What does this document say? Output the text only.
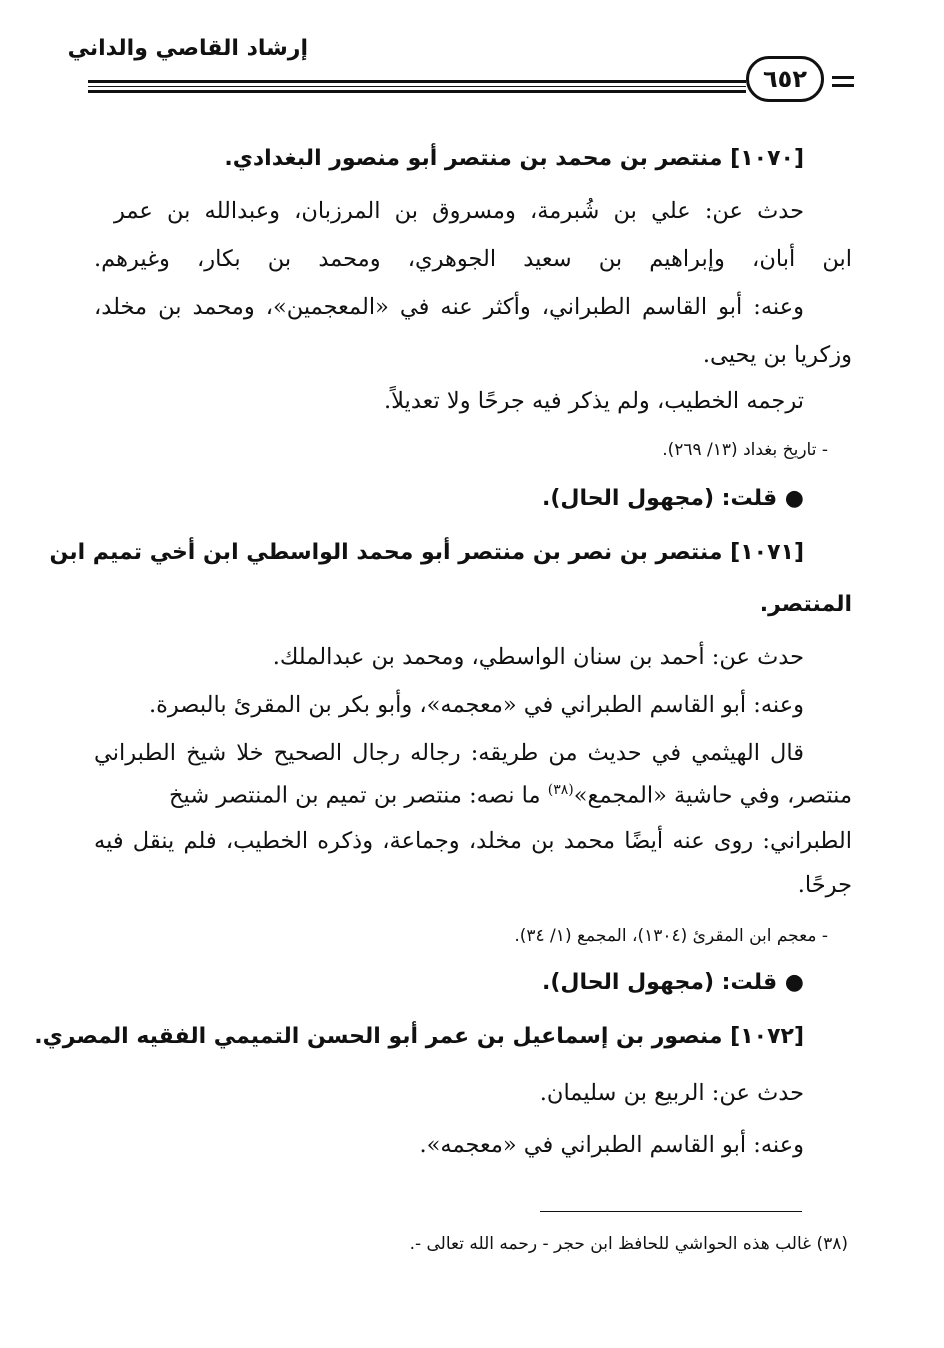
إرشاد القاصي والداني
٦٥٢
[١٠٧٠] منتصر بن محمد بن منتصر أبو منصور البغدادي.
حدث عن: علي بن شُبرمة، ومسروق بن المرزبان، وعبدالله بن عمر
ابن أبان، وإبراهيم بن سعيد الجوهري، ومحمد بن بكار، وغيرهم.
وعنه: أبو القاسم الطبراني، وأكثر عنه في «المعجمين»، ومحمد بن مخلد،
وزكريا بن يحيى.
ترجمه الخطيب، ولم يذكر فيه جرحًا ولا تعديلاً.
- تاريخ بغداد (١٣/ ٢٦٩).
● قلت: (مجهول الحال).
[١٠٧١] منتصر بن نصر بن منتصر أبو محمد الواسطي ابن أخي تميم ابن
المنتصر.
حدث عن: أحمد بن سنان الواسطي، ومحمد بن عبدالملك.
وعنه: أبو القاسم الطبراني في «معجمه»، وأبو بكر بن المقرئ بالبصرة.
قال الهيثمي في حديث من طريقه: رجاله رجال الصحيح خلا شيخ الطبراني
منتصر، وفي حاشية «المجمع»$^{(٣٨)}$ ما نصه: منتصر بن تميم بن المنتصر شيخ
الطبراني: روى عنه أيضًا محمد بن مخلد، وجماعة، وذكره الخطيب، فلم ينقل فيه
جرحًا.
- معجم ابن المقرئ (١٣٠٤)، المجمع (١/ ٣٤).
● قلت: (مجهول الحال).
[١٠٧٢] منصور بن إسماعيل بن عمر أبو الحسن التميمي الفقيه المصري.
حدث عن: الربيع بن سليمان.
وعنه: أبو القاسم الطبراني في «معجمه».
(٣٨) غالب هذه الحواشي للحافظ ابن حجر - رحمه الله تعالى -.
